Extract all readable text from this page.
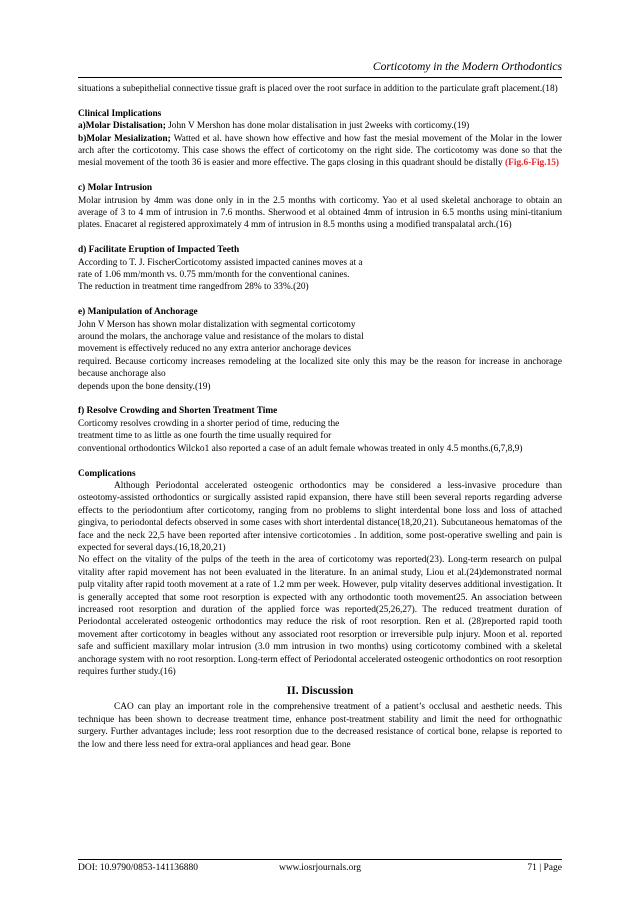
Corticotomy in the Modern Orthodontics

situations a subepithelial connective tissue graft is placed over the root surface in addition to the particulate graft placement.(18)

Clinical Implications

a)Molar Distalisation; John V Mershon has done molar distalisation in just 2weeks with corticomy.(19)

b)Molar Mesialization; Watted et al. have shown how effective and how fast the mesial movement of the Molar in the lower arch after the corticotomy. This case shows the effect of corticotomy on the right side. The corticotomy was done so that the mesial movement of the tooth 36 is easier and more effective. The gaps closing in this quadrant should be distally (Fig.6-Fig.15)

c) Molar Intrusion

Molar intrusion by 4mm was done only in in the 2.5 months with corticomy. Yao et al used skeletal anchorage to obtain an average of 3 to 4 mm of intrusion in 7.6 months. Sherwood et al obtained 4mm of intrusion in 6.5 months using mini-titanium plates. Enacaret al registered approximately 4 mm of intrusion in 8.5 months using a modified transpalatal arch.(16)

d) Facilitate Eruption of Impacted Teeth

According to T. J. FischerCorticotomy assisted impacted canines moves at a
rate of 1.06 mm/month vs. 0.75 mm/month for the conventional canines.
The reduction in treatment time rangedfrom 28% to 33%.(20)

e) Manipulation of Anchorage

John V Merson has shown molar distalization with segmental corticotomy
around the molars, the anchorage value and resistance of the molars to distal
movement is effectively reduced no any extra anterior anchorage devices

required. Because corticomy increases remodeling at the localized site only this may be the reason for increase in anchorage because anchorage also

depends upon the bone density.(19)

f) Resolve Crowding and Shorten Treatment Time

Corticomy resolves crowding in a shorter period of time, reducing the
treatment time to as little as one fourth the time usually required for

conventional orthodontics Wilcko1 also reported a case of an adult female whowas treated in only 4.5 months.(6,7,8,9)

Complications

Although Periodontal accelerated osteogenic orthodontics may be considered a less-invasive procedure than osteotomy-assisted orthodontics or surgically assisted rapid expansion, there have still been several reports regarding adverse effects to the periodontium after corticotomy, ranging from no problems to slight interdental bone loss and loss of attached gingiva, to periodontal defects observed in some cases with short interdental distance(18,20,21). Subcutaneous hematomas of the face and the neck 22,5 have been reported after intensive corticotomies . In addition, some post-operative swelling and pain is expected for several days.(16,18,20,21)

No effect on the vitality of the pulps of the teeth in the area of corticotomy was reported(23). Long-term research on pulpal vitality after rapid movement has not been evaluated in the literature. In an animal study, Liou et al.(24)demonstrated normal pulp vitality after rapid tooth movement at a rate of 1.2 mm per week. However, pulp vitality deserves additional investigation. It is generally accepted that some root resorption is expected with any orthodontic tooth movement25. An association between increased root resorption and duration of the applied force was reported(25,26,27). The reduced treatment duration of Periodontal accelerated osteogenic orthodontics may reduce the risk of root resorption. Ren et al. (28)reported rapid tooth movement after corticotomy in beagles without any associated root resorption or irreversible pulp injury. Moon et al. reported safe and sufficient maxillary molar intrusion (3.0 mm intrusion in two months) using corticotomy combined with a skeletal anchorage system with no root resorption. Long-term effect of Periodontal accelerated osteogenic orthodontics on root resorption requires further study.(16)

II. Discussion

CAO can play an important role in the comprehensive treatment of a patient’s occlusal and aesthetic needs. This technique has been shown to decrease treatment time, enhance post-treatment stability and limit the need for orthognathic surgery. Further advantages include; less root resorption due to the decreased resistance of cortical bone, relapse is reported to the low and there less need for extra-oral appliances and head gear. Bone

DOI: 10.9790/0853-141136880	www.iosrjournals.org	71 | Page
